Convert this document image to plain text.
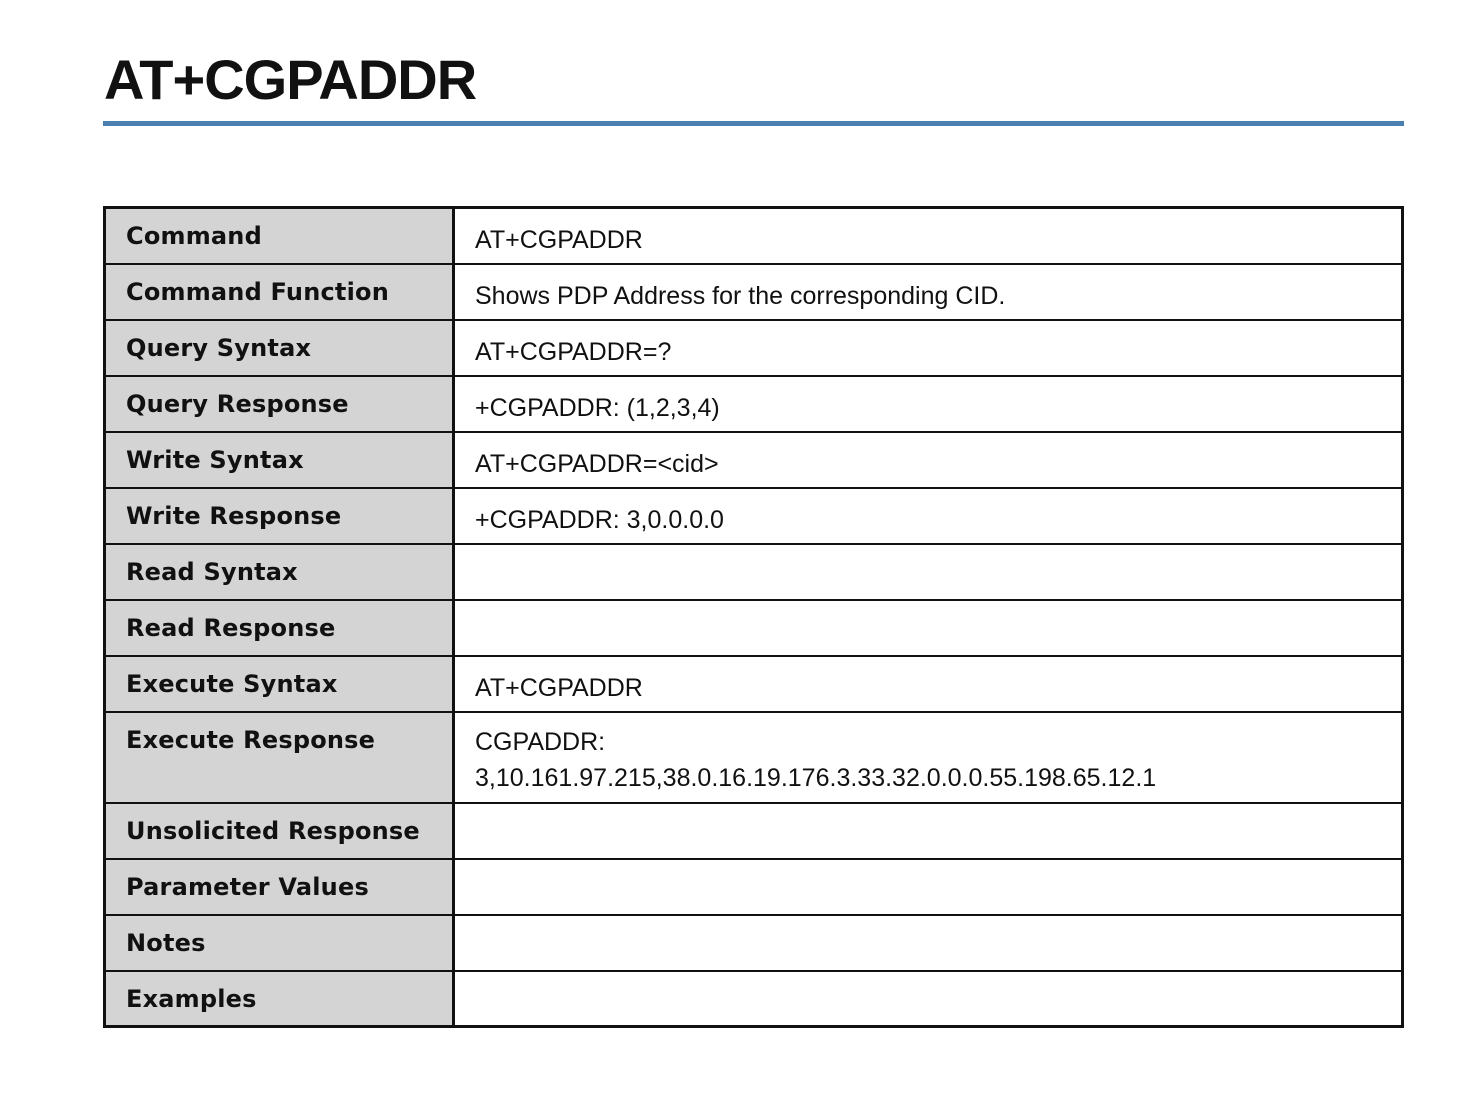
AT+CGPADDR
Command	AT+CGPADDR
Command Function	Shows PDP Address for the corresponding CID.
Query Syntax	AT+CGPADDR=?
Query Response	+CGPADDR: (1,2,3,4)
Write Syntax	AT+CGPADDR=<cid>
Write Response	+CGPADDR: 3,0.0.0.0
Read Syntax	
Read Response	
Execute Syntax	AT+CGPADDR
Execute Response	CGPADDR:
3,10.161.97.215,38.0.16.19.176.3.33.32.0.0.0.55.198.65.12.1

Unsolicited Response	
Parameter Values	
Notes	
Examples	
